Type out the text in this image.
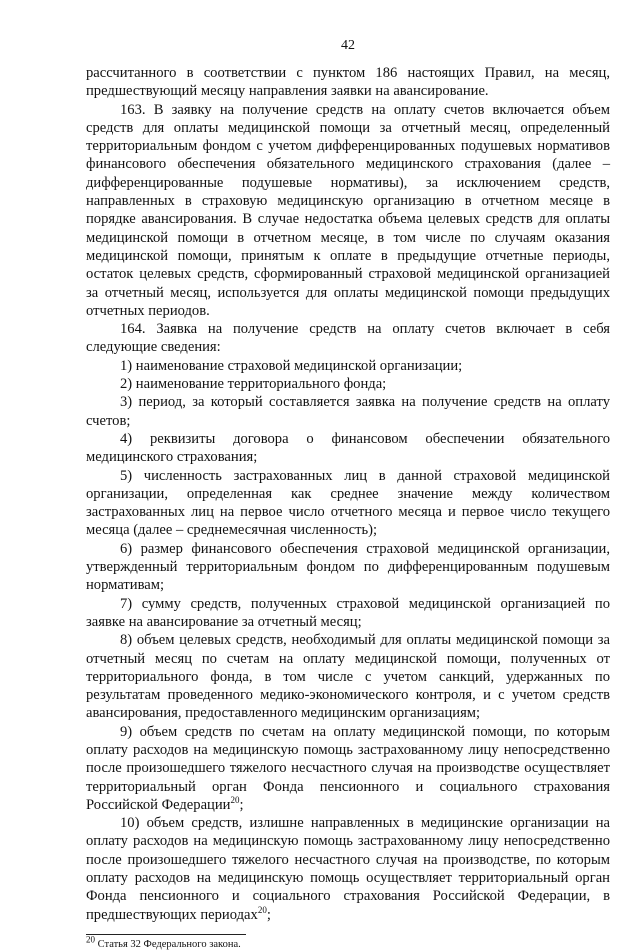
42

рассчитанного в соответствии с пунктом 186 настоящих Правил, на месяц, предшествующий месяцу направления заявки на авансирование.

163. В заявку на получение средств на оплату счетов включается объем средств для оплаты медицинской помощи за отчетный месяц, определенный территориальным фондом с учетом дифференцированных подушевых нормативов финансового обеспечения обязательного медицинского страхования (далее – дифференцированные подушевые нормативы), за исключением средств, направленных в страховую медицинскую организацию в отчетном месяце в порядке авансирования. В случае недостатка объема целевых средств для оплаты медицинской помощи в отчетном месяце, в том числе по случаям оказания медицинской помощи, принятым к оплате в предыдущие отчетные периоды, остаток целевых средств, сформированный страховой медицинской организацией за отчетный месяц, используется для оплаты медицинской помощи предыдущих отчетных периодов.

164. Заявка на получение средств на оплату счетов включает в себя следующие сведения:

1) наименование страховой медицинской организации;

2) наименование территориального фонда;

3) период, за который составляется заявка на получение средств на оплату счетов;

4) реквизиты договора о финансовом обеспечении обязательного медицинского страхования;

5) численность застрахованных лиц в данной страховой медицинской организации, определенная как среднее значение между количеством застрахованных лиц на первое число отчетного месяца и первое число текущего месяца (далее – среднемесячная численность);

6) размер финансового обеспечения страховой медицинской организации, утвержденный территориальным фондом по дифференцированным подушевым нормативам;

7) сумму средств, полученных страховой медицинской организацией по заявке на авансирование за отчетный месяц;

8) объем целевых средств, необходимый для оплаты медицинской помощи за отчетный месяц по счетам на оплату медицинской помощи, полученных от территориального фонда, в том числе с учетом санкций, удержанных по результатам проведенного медико-экономического контроля, и с учетом средств авансирования, предоставленного медицинским организациям;

9) объем средств по счетам на оплату медицинской помощи, по которым оплату расходов на медицинскую помощь застрахованному лицу непосредственно после произошедшего тяжелого несчастного случая на производстве осуществляет территориальный орган Фонда пенсионного и социального страхования Российской Федерации$^{20}$;

10) объем средств, излишне направленных в медицинские организации на оплату расходов на медицинскую помощь застрахованному лицу непосредственно после произошедшего тяжелого несчастного случая на производстве, по которым оплату расходов на медицинскую помощь осуществляет территориальный орган Фонда пенсионного и социального страхования Российской Федерации, в предшествующих периодах$^{20}$;

$^{20}$ Статья 32 Федерального закона.
